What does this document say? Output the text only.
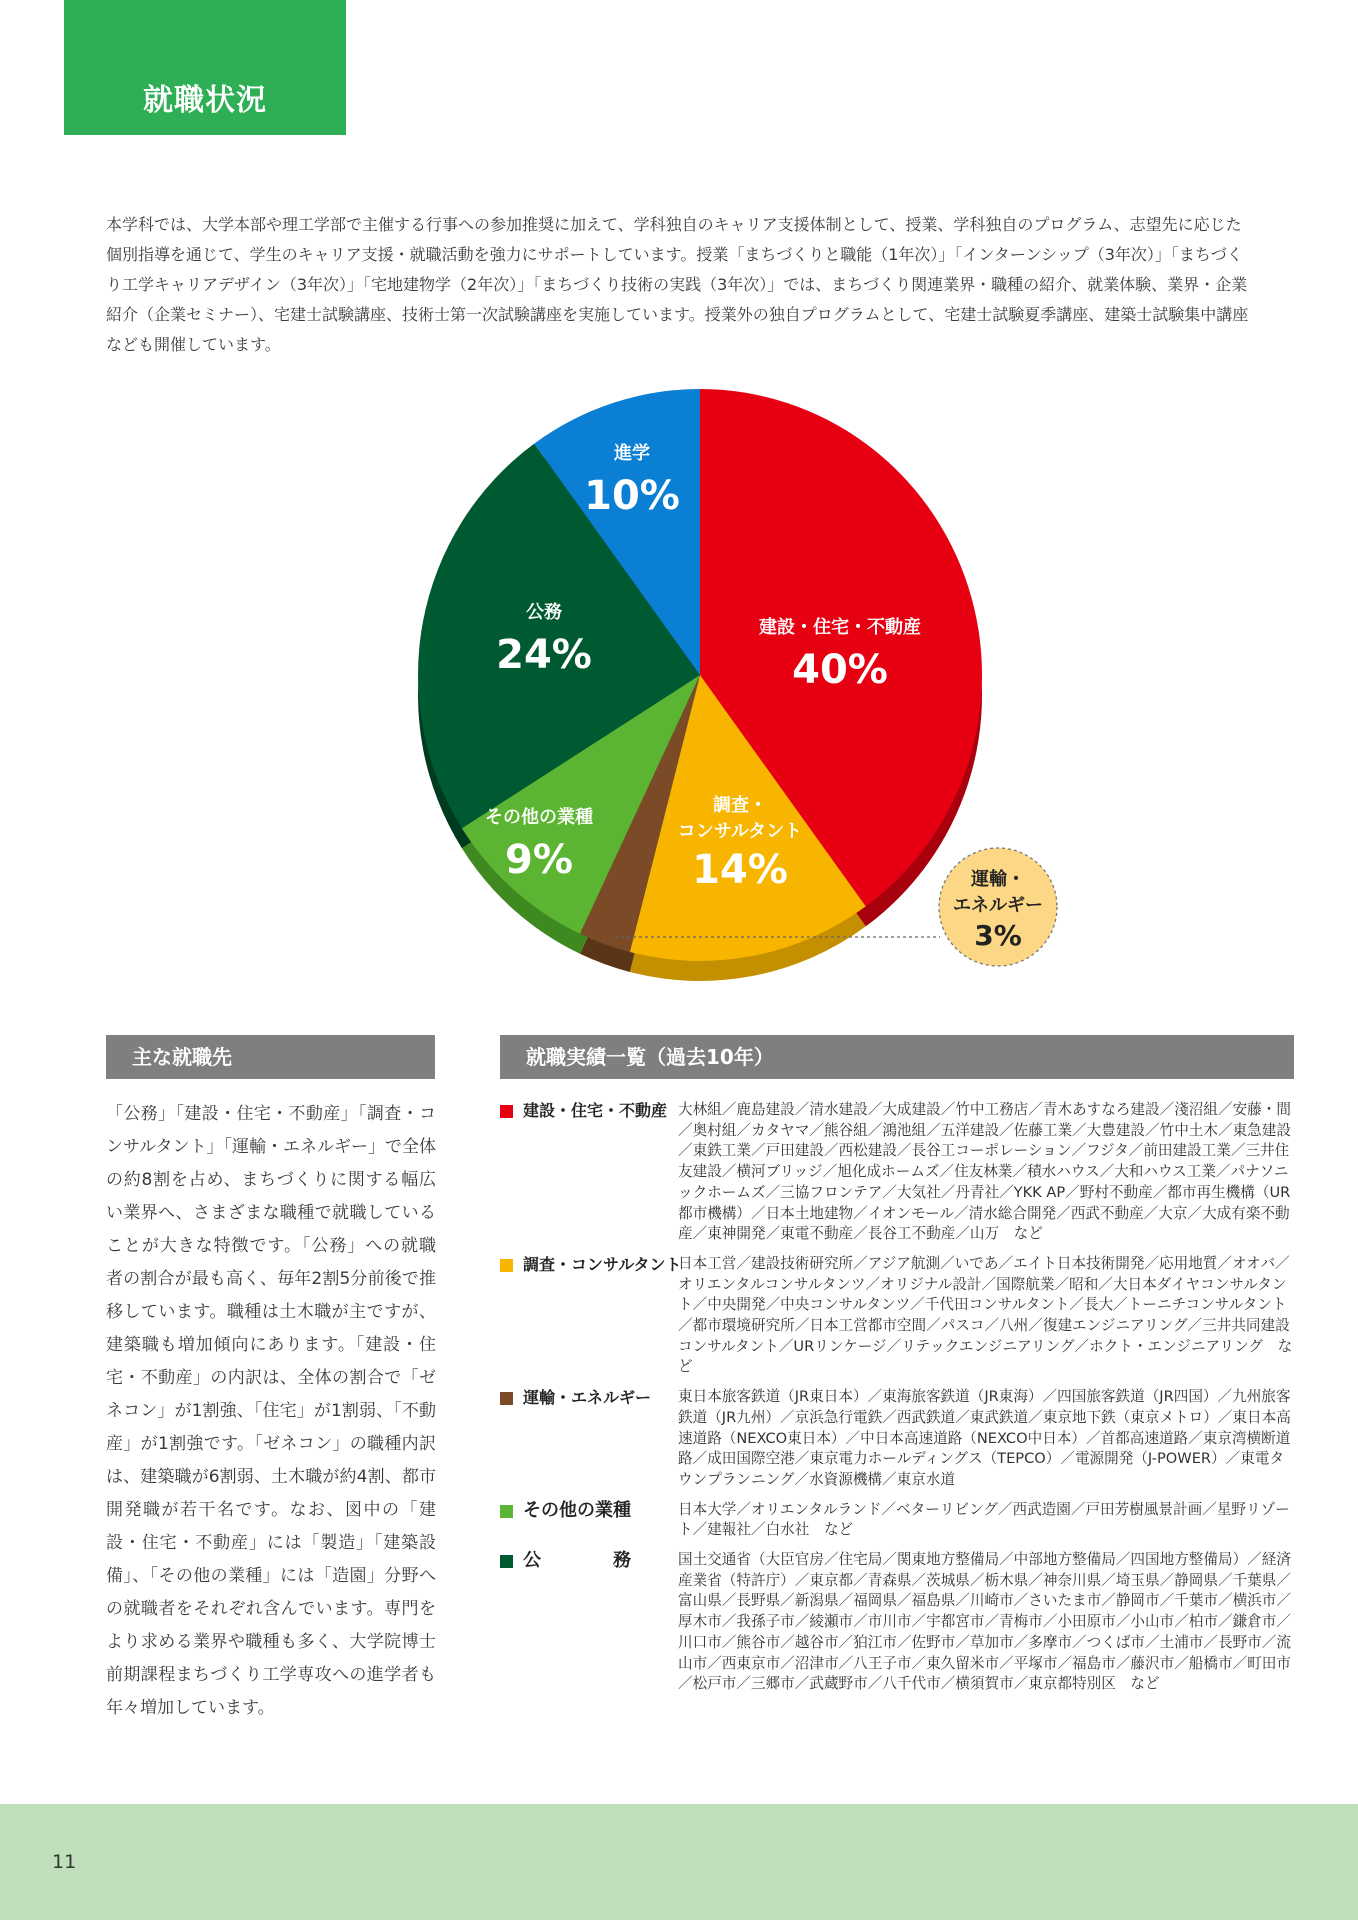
就職状況

本学科では、大学本部や理工学部で主催する行事への参加推奨に加えて、学科独自のキャリア支援体制として、授業、学科独自のプログラム、志望先に応じた個別指導を通じて、学生のキャリア支援・就職活動を強力にサポートしています。授業「まちづくりと職能（1年次）」「インターンシップ（3年次）」「まちづくり工学キャリアデザイン（3年次）」「宅地建物学（2年次）」「まちづくり技術の実践（3年次）」では、まちづくり関連業界・職種の紹介、就業体験、業界・企業紹介（企業セミナー）、宅建士試験講座、技術士第一次試験講座を実施しています。授業外の独自プログラムとして、宅建士試験夏季講座、建築士試験集中講座なども開催しています。

建設・住宅・不動産
40%
調査・
コンサルタント
14%
その他の業種
9%
公務
24%
進学
10%
運輸・
エネルギー
3%
主な就職先

「公務」「建設・住宅・不動産」「調査・コンサルタント」「運輸・エネルギー」で全体の約8割を占め、まちづくりに関する幅広い業界へ、さまざまな職種で就職していることが大きな特徴です。「公務」への就職者の割合が最も高く、毎年2割5分前後で推移しています。職種は土木職が主ですが、建築職も増加傾向にあります。「建設・住宅・不動産」の内訳は、全体の割合で「ゼネコン」が1割強、「住宅」が1割弱、「不動産」が1割強です。「ゼネコン」の職種内訳は、建築職が6割弱、土木職が約4割、都市開発職が若干名です。なお、図中の「建設・住宅・不動産」には「製造」「建築設備」、「その他の業種」には「造園」分野への就職者をそれぞれ含んでいます。専門をより求める業界や職種も多く、大学院博士前期課程まちづくり工学専攻への進学者も年々増加しています。

就職実績一覧（過去10年）
建設・住宅・不動産 大林組／鹿島建設／清水建設／大成建設／竹中工務店／青木あすなろ建設／淺沼組／安藤・間／奥村組／カタヤマ／熊谷組／鴻池組／五洋建設／佐藤工業／大豊建設／竹中土木／東急建設／東鉄工業／戸田建設／西松建設／長谷工コーポレーション／フジタ／前田建設工業／三井住友建設／横河ブリッジ／旭化成ホームズ／住友林業／積水ハウス／大和ハウス工業／パナソニックホームズ／三協フロンテア／大気社／丹青社／YKK AP／野村不動産／都市再生機構（UR都市機構）／日本土地建物／イオンモール／清水総合開発／西武不動産／大京／大成有楽不動産／東神開発／東電不動産／長谷工不動産／山万　など
調査・コンサルタント
日本工営／建設技術研究所／アジア航測／いであ／エイト日本技術開発／応用地質／オオバ／オリエンタルコンサルタンツ／オリジナル設計／国際航業／昭和／大日本ダイヤコンサルタント／中央開発／中央コンサルタンツ／千代田コンサルタント／長大／トーニチコンサルタント／都市環境研究所／日本工営都市空間／パスコ／八州／復建エンジニアリング／三井共同建設コンサルタント／URリンケージ／リテックエンジニアリング／ホクト・エンジニアリング　など
運輸・エネルギー 東日本旅客鉄道（JR東日本）／東海旅客鉄道（JR東海）／四国旅客鉄道（JR四国）／九州旅客鉄道（JR九州）／京浜急行電鉄／西武鉄道／東武鉄道／東京地下鉄（東京メトロ）／東日本高速道路（NEXCO東日本）／中日本高速道路（NEXCO中日本）／首都高速道路／東京湾横断道路／成田国際空港／東京電力ホールディングス（TEPCO）／電源開発（J-POWER）／東電タウンプランニング／水資源機構／東京水道
その他の業種	日本大学／オリエンタルランド／ベターリビング／西武造園／戸田芳樹風景計画／星野リゾート／建報社／白水社　など
公　　　　務	国土交通省（大臣官房／住宅局／関東地方整備局／中部地方整備局／四国地方整備局）／経済産業省（特許庁）／東京都／青森県／茨城県／栃木県／神奈川県／埼玉県／静岡県／千葉県／富山県／長野県／新潟県／福岡県／福島県／川崎市／さいたま市／静岡市／千葉市／横浜市／厚木市／我孫子市／綾瀬市／市川市／宇都宮市／青梅市／小田原市／小山市／柏市／鎌倉市／川口市／熊谷市／越谷市／狛江市／佐野市／草加市／多摩市／つくば市／土浦市／長野市／流山市／西東京市／沼津市／八王子市／東久留米市／平塚市／福島市／藤沢市／船橋市／町田市／松戸市／三郷市／武蔵野市／八千代市／横須賀市／東京都特別区　など
11
